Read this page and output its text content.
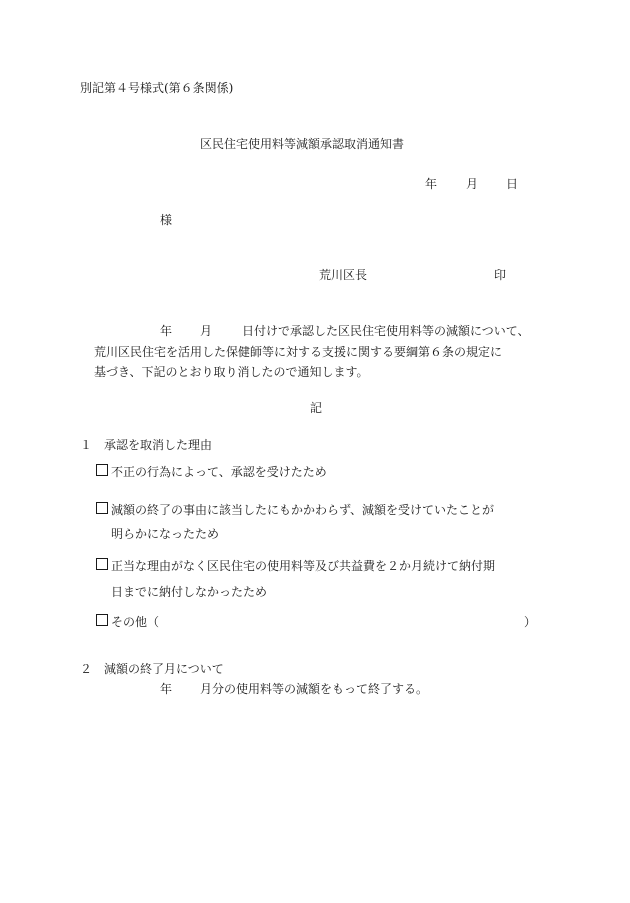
別記第４号様式(第６条関係)
区民住宅使用料等減額承認取消通知書
年 月 日
様
荒川区長	印
年 月 日付けで承認した区民住宅使用料等の減額について、
荒川区民住宅を活用した保健師等に対する支援に関する要綱第６条の規定に
基づき、下記のとおり取り消したので通知します。
記
１　承認を取消した理由
不正の行為によって、承認を受けたため
減額の終了の事由に該当したにもかかわらず、減額を受けていたことが
明らかになったため
正当な理由がなく区民住宅の使用料等及び共益費を２か月続けて納付期
日までに納付しなかったため
その他（	）
２　減額の終了月について
年 月分の使用料等の減額をもって終了する。
